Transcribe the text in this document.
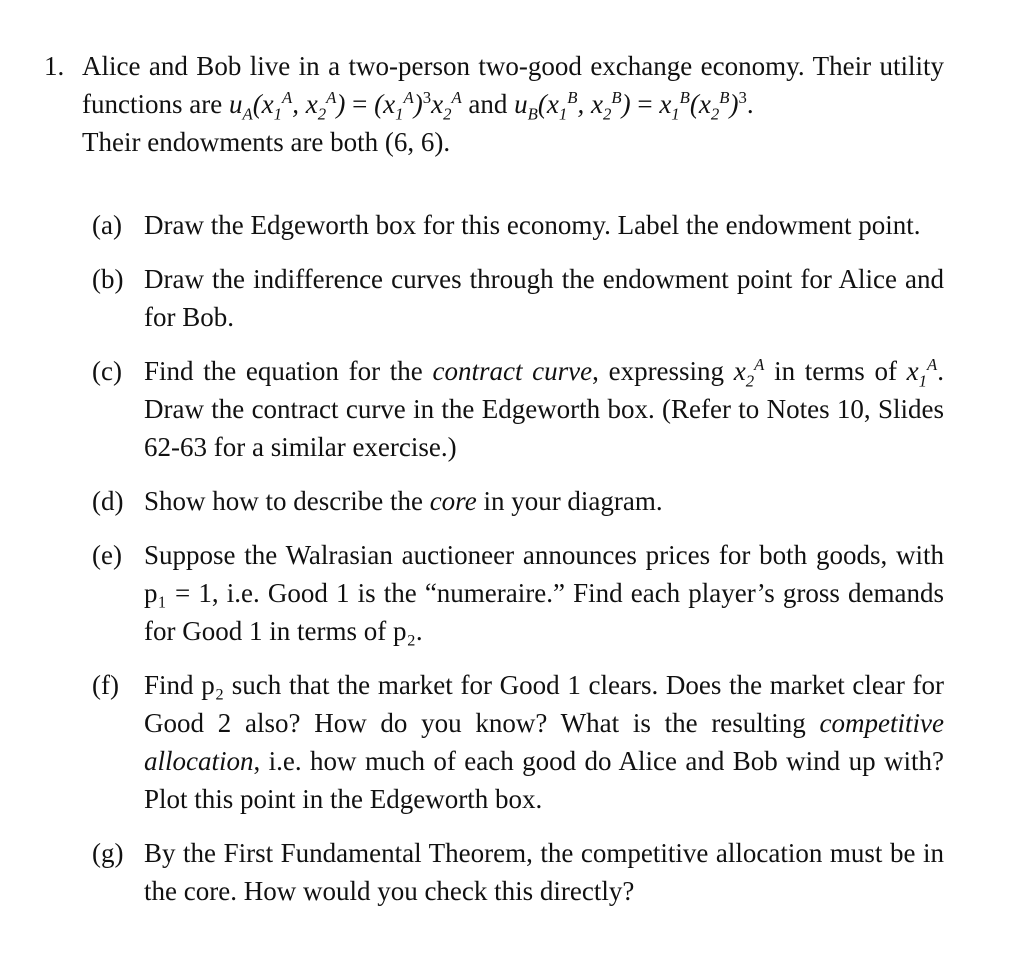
1. Alice and Bob live in a two-person two-good exchange economy. Their utility functions are $u_A(x_1^A$, $x_2^A) = (x_1^A)^3x_2^A$ and $u_B(x_1^B$, $x_2^B) = x_1^B(x_2^B)^3$.
Their endowments are both (6, 6).
(a) Draw the Edgeworth box for this economy. Label the endowment point.
(b) Draw the indifference curves through the endowment point for Alice and for Bob.
(c) Find the equation for the contract curve, expressing $x_2^A$ in terms of $x_1^A$. Draw the contract curve in the Edgeworth box. (Refer to Notes 10, Slides 62-63 for a similar exercise.)
(d) Show how to describe the core in your diagram.
(e) Suppose the Walrasian auctioneer announces prices for both goods, with p₁ = 1, i.e. Good 1 is the “numeraire.” Find each player’s gross demands for Good 1 in terms of p₂.
(f) Find p₂ such that the market for Good 1 clears. Does the market clear for Good 2 also? How do you know? What is the resulting competitive allocation, i.e. how much of each good do Alice and Bob wind up with? Plot this point in the Edgeworth box.
(g) By the First Fundamental Theorem, the competitive allocation must be in the core. How would you check this directly?
